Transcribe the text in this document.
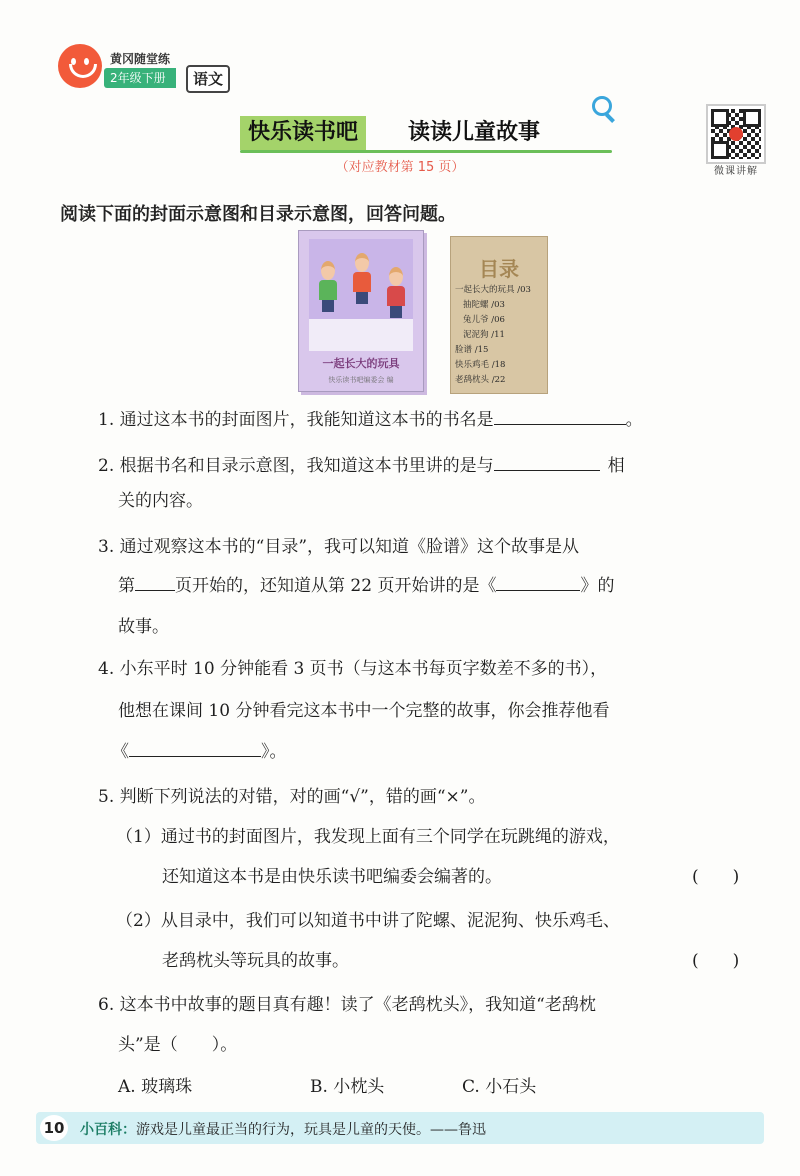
黄冈随堂练
2年级下册	语文
快乐读书吧	读读儿童故事
（对应教材第 15 页）	微课讲解
阅读下面的封面示意图和目录示意图，回答问题。
一起长大的玩具
快乐读书吧编委会 编
目录
一起长大的玩具 /03
抽陀螺 /03
兔儿爷 /06
泥泥狗 /11
脸谱 /15
快乐鸡毛 /18
老鸹枕头 /22
1. 通过这本书的封面图片，我能知道这本书的书名是	。
2. 根据书名和目录示意图，我知道这本书里讲的是与	相
关的内容。
3. 通过观察这本书的“目录”，我可以知道《脸谱》这个故事是从
第 页开始的，还知道从第 22 页开始讲的是《	》的
故事。
4. 小东平时 10 分钟能看 3 页书（与这本书每页字数差不多的书），
他想在课间 10 分钟看完这本书中一个完整的故事，你会推荐他看
《	》。
5. 判断下列说法的对错，对的画“√”，错的画“×”。
（1）通过书的封面图片，我发现上面有三个同学在玩跳绳的游戏，
还知道这本书是由快乐读书吧编委会编著的。	(　　)
（2）从目录中，我们可以知道书中讲了陀螺、泥泥狗、快乐鸡毛、
老鸹枕头等玩具的故事。	(　　)
6. 这本书中故事的题目真有趣！读了《老鸹枕头》，我知道“老鸹枕
头”是（　　）。
A. 玻璃珠	B. 小枕头	C. 小石头
10 小百科：游戏是儿童最正当的行为，玩具是儿童的天使。——鲁迅
